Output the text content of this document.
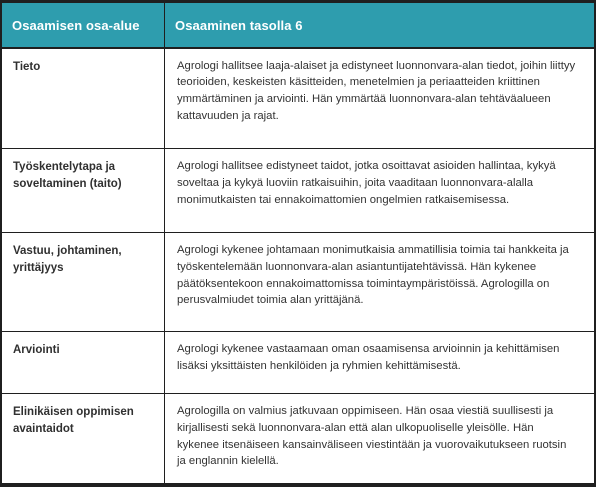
Osaamisen osa-alue	Osaaminen tasolla 6
Tieto	Agrologi hallitsee laaja-alaiset ja edistyneet luonnonvara-alan tiedot, joihin liittyy teorioiden, keskeisten käsitteiden, menetelmien ja periaatteiden kriittinen ymmärtäminen ja arviointi. Hän ymmärtää luonnonvara-alan tehtäväalueen kattavuuden ja rajat.
Työskentelytapa ja soveltaminen (taito)	Agrologi hallitsee edistyneet taidot, jotka osoittavat asioiden hallintaa, kykyä soveltaa ja kykyä luoviin ratkaisuihin, joita vaaditaan luonnonvara-alalla monimutkaisten tai ennakoimattomien ongelmien ratkaisemisessa.
Vastuu, johtaminen, yrittäjyys	Agrologi kykenee johtamaan monimutkaisia ammatillisia toimia tai hankkeita ja työskentelemään luonnonvara-alan asiantuntijatehtävissä. Hän kykenee päätöksentekoon ennakoimattomissa toimintaympäristöissä. Agrologilla on perusvalmiudet toimia alan yrittäjänä.
Arviointi	Agrologi kykenee vastaamaan oman osaamisensa arvioinnin ja kehittämisen lisäksi yksittäisten henkilöiden ja ryhmien kehittämisestä.
Elinikäisen oppimisen avaintaidot	Agrologilla on valmius jatkuvaan oppimiseen. Hän osaa viestiä suullisesti ja kirjallisesti sekä luonnonvara-alan että alan ulkopuoliselle yleisölle. Hän kykenee itsenäiseen kansainväliseen viestintään ja vuorovaikutukseen ruotsin ja englannin kielellä.
